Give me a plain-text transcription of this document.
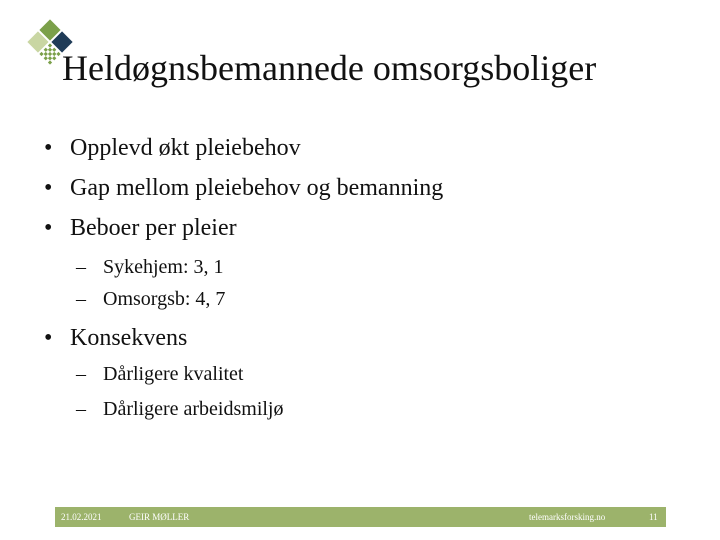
Heldøgnsbemannede omsorgsboliger
• Opplevd økt pleiebehov
• Gap mellom pleiebehov og bemanning
• Beboer per pleier
– Sykehjem: 3, 1
– Omsorgsb: 4, 7
• Konsekvens
– Dårligere kvalitet
– Dårligere arbeidsmiljø
21.02.2021	GEIR MØLLER	telemarksforsking.no	11
